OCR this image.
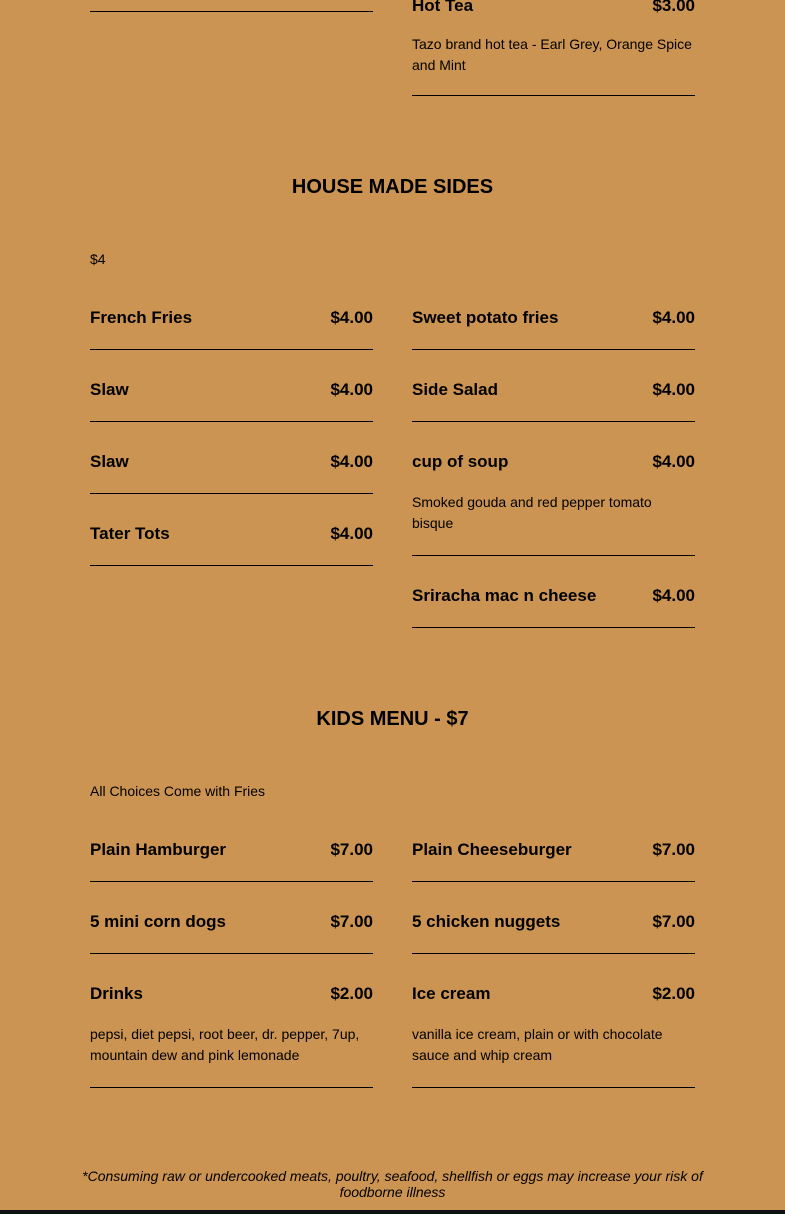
Hot Tea	$3.00
Tazo brand hot tea - Earl Grey, Orange Spice and Mint
HOUSE MADE SIDES
$4
French Fries	$4.00 Sweet potato fries	$4.00
Slaw	$4.00 Side Salad	$4.00
Slaw	$4.00 cup of soup	$4.00
Smoked gouda and red pepper tomato bisque
Tater Tots	$4.00
Sriracha mac n cheese	$4.00
KIDS MENU - $7
All Choices Come with Fries
Plain Hamburger	$7.00 Plain Cheeseburger	$7.00
5 mini corn dogs	$7.00 5 chicken nuggets	$7.00
Drinks	$2.00
pepsi, diet pepsi, root beer, dr. pepper, 7up, mountain dew and pink lemonade
Ice cream	$2.00
vanilla ice cream, plain or with chocolate sauce and whip cream
*Consuming raw or undercooked meats, poultry, seafood, shellfish or eggs may increase your risk of foodborne illness
